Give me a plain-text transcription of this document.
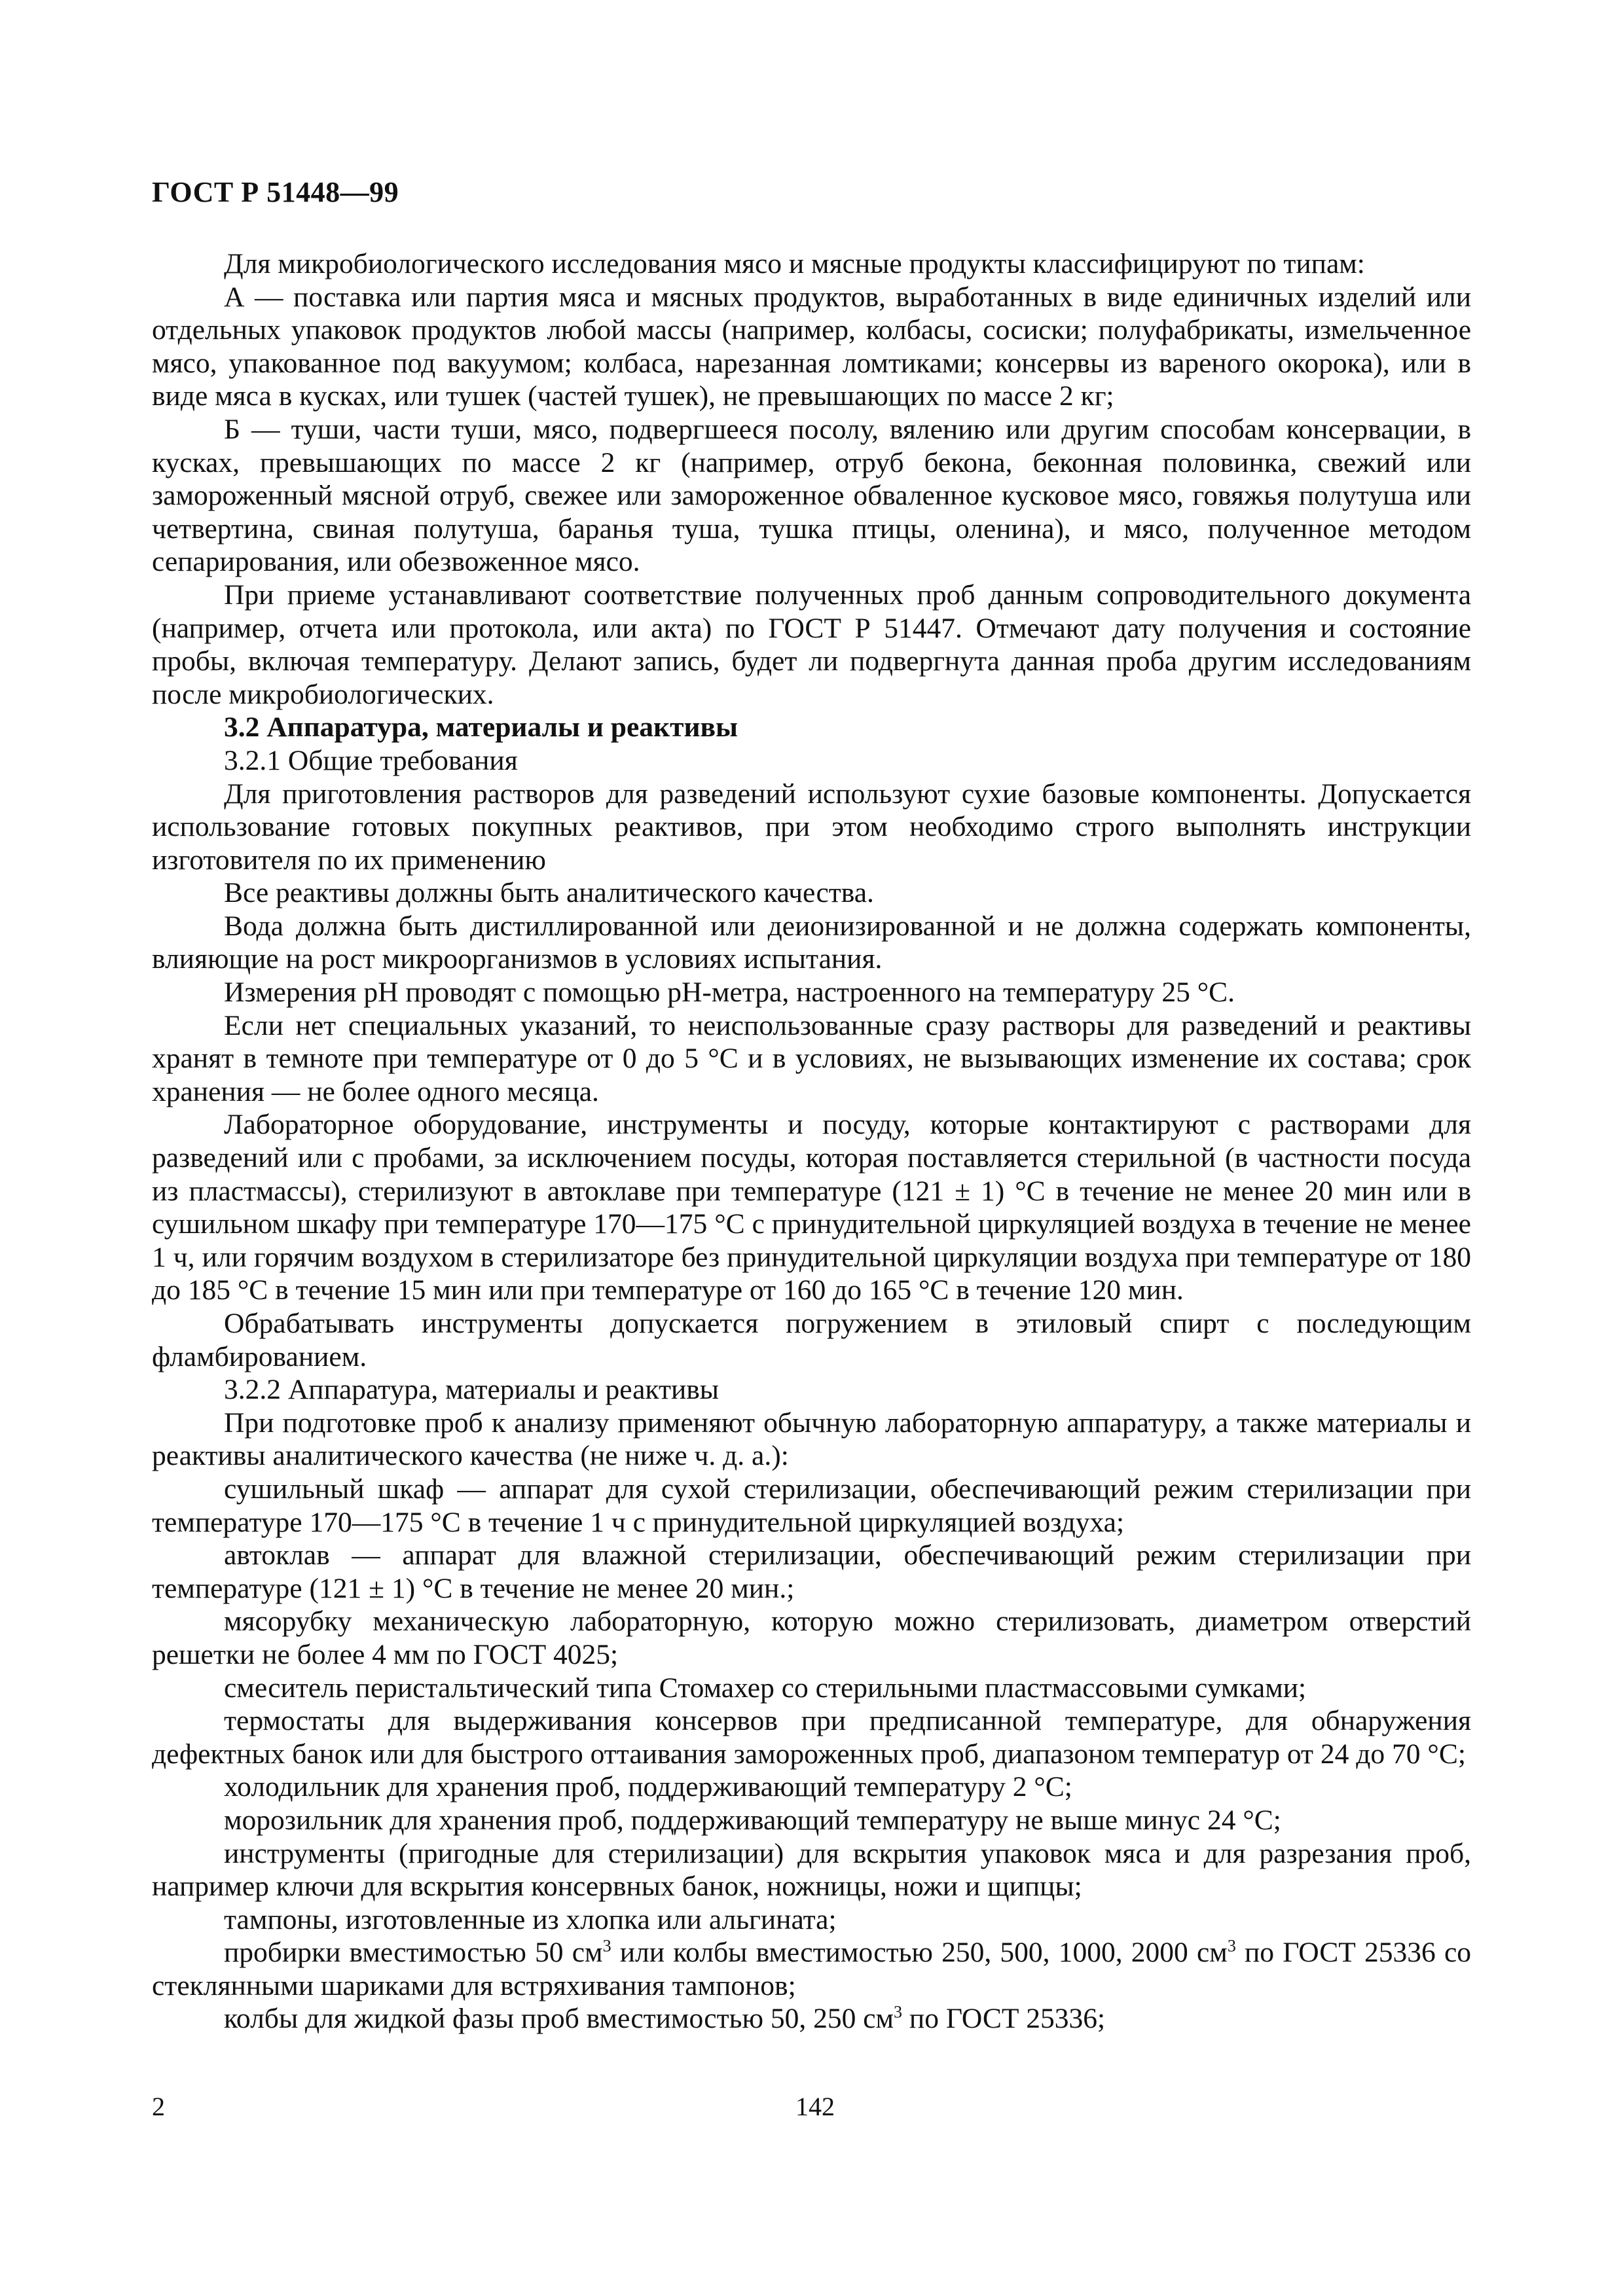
ГОСТ Р 51448—99

Для микробиологического исследования мясо и мясные продукты классифицируют по типам:

А — поставка или партия мяса и мясных продуктов, выработанных в виде единичных изделий или отдельных упаковок продуктов любой массы (например, колбасы, сосиски; полуфабрикаты, измельченное мясо, упакованное под вакуумом; колбаса, нарезанная ломтиками; консервы из вареного окорока), или в виде мяса в кусках, или тушек (частей тушек), не превышающих по массе 2 кг;

Б — туши, части туши, мясо, подвергшееся посолу, вялению или другим способам консервации, в кусках, превышающих по массе 2 кг (например, отруб бекона, беконная половинка, свежий или замороженный мясной отруб, свежее или замороженное обваленное кусковое мясо, говяжья полутуша или четвертина, свиная полутуша, баранья туша, тушка птицы, оленина), и мясо, полученное методом сепарирования, или обезвоженное мясо.

При приеме устанавливают соответствие полученных проб данным сопроводительного документа (например, отчета или протокола, или акта) по ГОСТ Р 51447. Отмечают дату получения и состояние пробы, включая температуру. Делают запись, будет ли подвергнута данная проба другим исследованиям после микробиологических.

3.2 Аппаратура, материалы и реактивы

3.2.1 Общие требования

Для приготовления растворов для разведений используют сухие базовые компоненты. Допускается использование готовых покупных реактивов, при этом необходимо строго выполнять инструкции изготовителя по их применению

Все реактивы должны быть аналитического качества.

Вода должна быть дистиллированной или деионизированной и не должна содержать компоненты, влияющие на рост микроорганизмов в условиях испытания.

Измерения pH проводят с помощью pH-метра, настроенного на температуру 25 °С.

Если нет специальных указаний, то неиспользованные сразу растворы для разведений и реактивы хранят в темноте при температуре от 0 до 5 °С и в условиях, не вызывающих изменение их состава; срок хранения — не более одного месяца.

Лабораторное оборудование, инструменты и посуду, которые контактируют с растворами для разведений или с пробами, за исключением посуды, которая поставляется стерильной (в частности посуда из пластмассы), стерилизуют в автоклаве при температуре (121 ± 1) °С в течение не менее 20 мин или в сушильном шкафу при температуре 170—175 °С с принудительной циркуляцией воздуха в течение не менее 1 ч, или горячим воздухом в стерилизаторе без принудительной циркуляции воздуха при температуре от 180 до 185 °С в течение 15 мин или при температуре от 160 до 165 °С в течение 120 мин.

Обрабатывать инструменты допускается погружением в этиловый спирт с последующим фламбированием.

3.2.2 Аппаратура, материалы и реактивы

При подготовке проб к анализу применяют обычную лабораторную аппаратуру, а также материалы и реактивы аналитического качества (не ниже ч. д. а.):

сушильный шкаф — аппарат для сухой стерилизации, обеспечивающий режим стерилизации при температуре 170—175 °С в течение 1 ч с принудительной циркуляцией воздуха;

автоклав — аппарат для влажной стерилизации, обеспечивающий режим стерилизации при температуре (121 ± 1) °С в течение не менее 20 мин.;

мясорубку механическую лабораторную, которую можно стерилизовать, диаметром отверстий решетки не более 4 мм по ГОСТ 4025;

смеситель перистальтический типа Стомахер со стерильными пластмассовыми сумками;

термостаты для выдерживания консервов при предписанной температуре, для обнаружения дефектных банок или для быстрого оттаивания замороженных проб, диапазоном температур от 24 до 70 °С;

холодильник для хранения проб, поддерживающий температуру 2 °С;

морозильник для хранения проб, поддерживающий температуру не выше минус 24 °С;

инструменты (пригодные для стерилизации) для вскрытия упаковок мяса и для разрезания проб, например ключи для вскрытия консервных банок, ножницы, ножи и щипцы;

тампоны, изготовленные из хлопка или альгината;

пробирки вместимостью 50 $см^3$ или колбы вместимостью 250, 500, 1000, 2000 $см^3$ по ГОСТ 25336 со стеклянными шариками для встряхивания тампонов;

колбы для жидкой фазы проб вместимостью 50, 250 $см^3$ по ГОСТ 25336;

2	142
